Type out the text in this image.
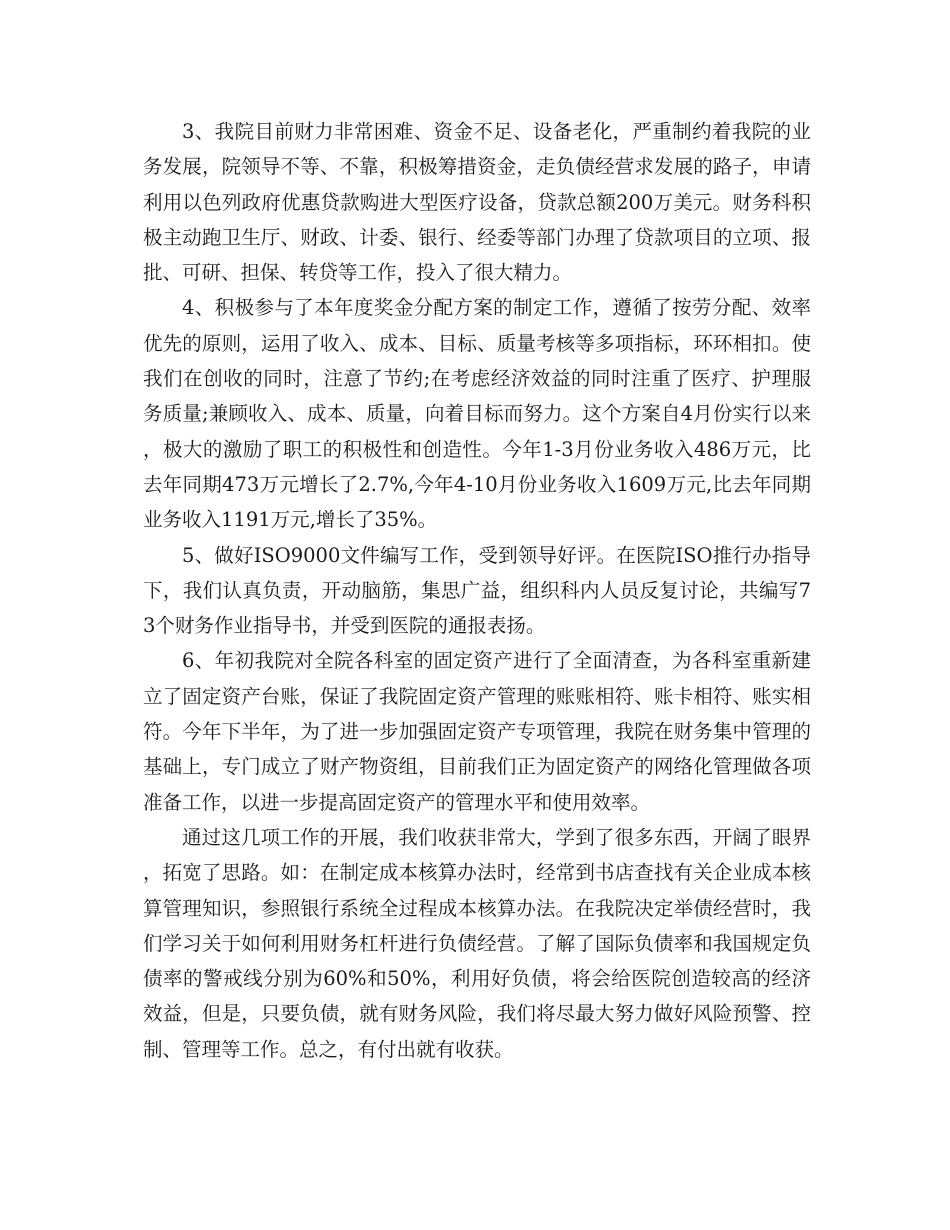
3、我院目前财力非常困难、资金不足、设备老化，严重制约着我院的业务发展，院领导不等、不靠，积极筹措资金，走负债经营求发展的路子，申请利用以色列政府优惠贷款购进大型医疗设备，贷款总额200万美元。财务科积极主动跑卫生厅、财政、计委、银行、经委等部门办理了贷款项目的立项、报批、可研、担保、转贷等工作，投入了很大精力。

4、积极参与了本年度奖金分配方案的制定工作，遵循了按劳分配、效率优先的原则，运用了收入、成本、目标、质量考核等多项指标，环环相扣。使我们在创收的同时，注意了节约;在考虑经济效益的同时注重了医疗、护理服务质量;兼顾收入、成本、质量，向着目标而努力。这个方案自4月份实行以来，极大的激励了职工的积极性和创造性。今年1-3月份业务收入486万元，比去年同期473万元增长了2.7%,今年4-10月份业务收入1609万元,比去年同期业务收入1191万元,增长了35%。

5、做好ISO9000文件编写工作，受到领导好评。在医院ISO推行办指导下，我们认真负责，开动脑筋，集思广益，组织科内人员反复讨论，共编写73个财务作业指导书，并受到医院的通报表扬。

6、年初我院对全院各科室的固定资产进行了全面清查，为各科室重新建立了固定资产台账，保证了我院固定资产管理的账账相符、账卡相符、账实相符。今年下半年，为了进一步加强固定资产专项管理，我院在财务集中管理的基础上，专门成立了财产物资组，目前我们正为固定资产的网络化管理做各项准备工作，以进一步提高固定资产的管理水平和使用效率。

通过这几项工作的开展，我们收获非常大，学到了很多东西，开阔了眼界，拓宽了思路。如：在制定成本核算办法时，经常到书店查找有关企业成本核算管理知识，参照银行系统全过程成本核算办法。在我院决定举债经营时，我们学习关于如何利用财务杠杆进行负债经营。了解了国际负债率和我国规定负债率的警戒线分别为60%和50%，利用好负债，将会给医院创造较高的经济效益，但是，只要负债，就有财务风险，我们将尽最大努力做好风险预警、控制、管理等工作。总之，有付出就有收获。
